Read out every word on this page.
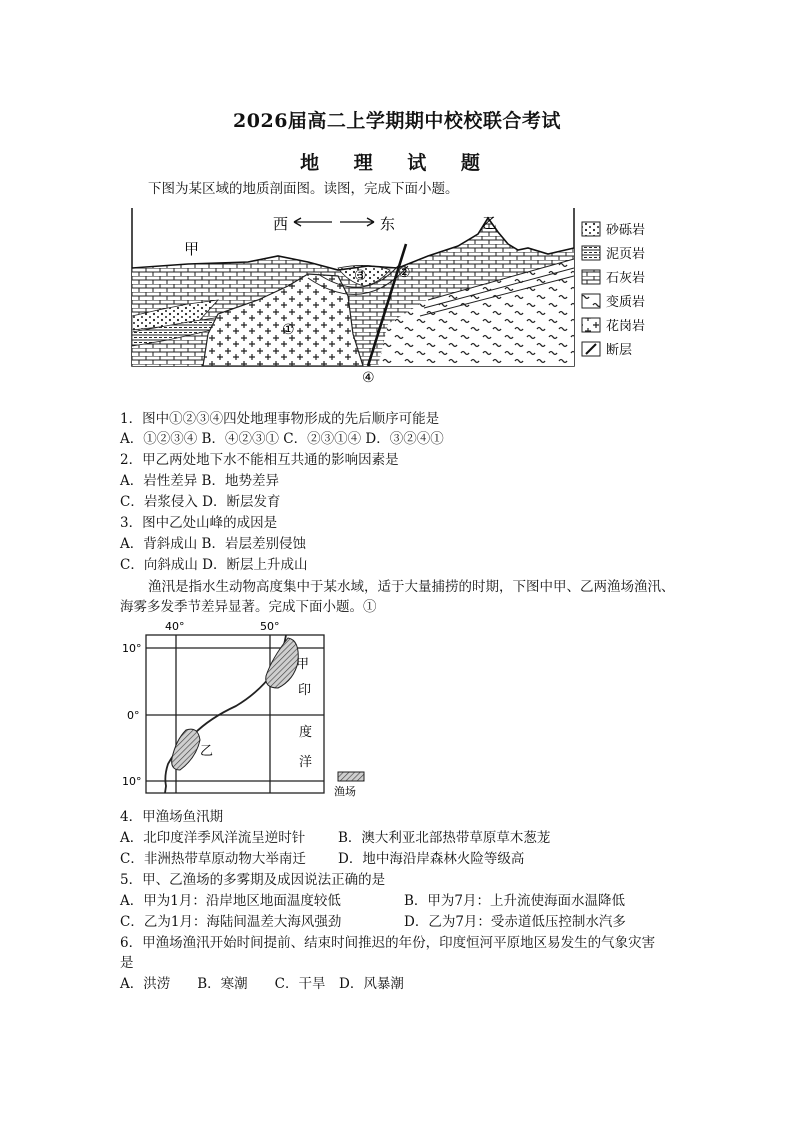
2026届高二上学期期中校校联合考试
地 理 试 题
下图为某区域的地质剖面图。读图，完成下面小题。
西	东
甲
乙
①
②
③
④
砂砾岩
泥页岩
石灰岩
变质岩
花岗岩
断层
1．图中①②③④四处地理事物形成的先后顺序可能是
A．①②③④ B．④②③① C．②③①④ D．③②④①
2．甲乙两处地下水不能相互共通的影响因素是
A．岩性差异 B．地势差异
C．岩浆侵入 D．断层发育
3．图中乙处山峰的成因是
A．背斜成山 B．岩层差别侵蚀
C．向斜成山 D．断层上升成山
渔汛是指水生动物高度集中于某水域，适于大量捕捞的时期，下图中甲、乙两渔场渔汛、
海雾多发季节差异显著。完成下面小题。①
40°	50°
10°
0°
10°
甲
印
度
洋
乙
渔场
4．甲渔场鱼汛期
A．北印度洋季风洋流呈逆时针 B．澳大利亚北部热带草原草木葱茏
C．非洲热带草原动物大举南迁 D．地中海沿岸森林火险等级高
5．甲、乙渔场的多雾期及成因说法正确的是
A．甲为1月：沿岸地区地面温度较低	B．甲为7月：上升流使海面水温降低
C．乙为1月：海陆间温差大海风强劲	D．乙为7月：受赤道低压控制水汽多
6．甲渔场渔汛开始时间提前、结束时间推迟的年份，印度恒河平原地区易发生的气象灾害
是
A．洪涝　　B．寒潮　　C．干旱　D．风暴潮
